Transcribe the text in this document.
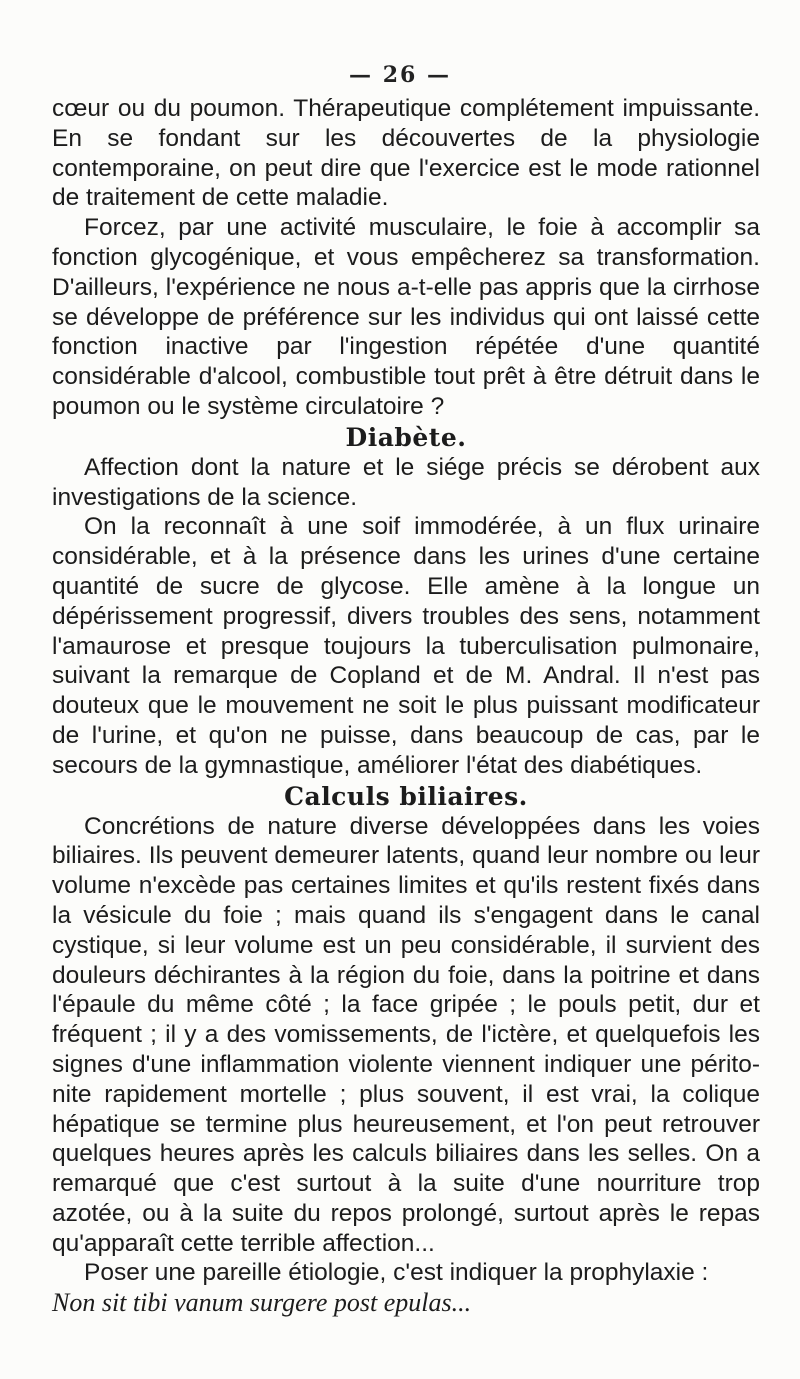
— 26 —

cœur ou du poumon. Thérapeutique complétement impuissante. En se fondant sur les découvertes de la physiologie contemporaine, on peut dire que l'exercice est le mode rationnel de traitement de cette maladie.

Forcez, par une activité musculaire, le foie à accomplir sa fonction glycogénique, et vous empêcherez sa transformation. D'ailleurs, l'expérience ne nous a-t-elle pas appris que la cirrhose se développe de préférence sur les individus qui ont laissé cette fonction inactive par l'ingestion répétée d'une quantité considérable d'alcool, combustible tout prêt à être détruit dans le poumon ou le système circulatoire ?

Diabète.

Affection dont la nature et le siége précis se dérobent aux investigations de la science.

On la reconnaît à une soif immodérée, à un flux urinaire considérable, et à la présence dans les urines d'une certaine quantité de sucre de glycose. Elle amène à la longue un dépérissement progressif, divers troubles des sens, notamment l'amaurose et presque toujours la tuberculisation pulmonaire, suivant la remarque de Copland et de M. Andral. Il n'est pas douteux que le mouvement ne soit le plus puissant modificateur de l'urine, et qu'on ne puisse, dans beaucoup de cas, par le secours de la gymnastique, améliorer l'état des diabétiques.

Calculs biliaires.

Concrétions de nature diverse développées dans les voies biliaires. Ils peuvent demeurer latents, quand leur nombre ou leur volume n'excède pas certaines limites et qu'ils restent fixés dans la vésicule du foie ; mais quand ils s'engagent dans le canal cystique, si leur volume est un peu considérable, il survient des douleurs déchirantes à la région du foie, dans la poitrine et dans l'épaule du même côté ; la face gripée ; le pouls petit, dur et fréquent ; il y a des vomissements, de l'ictère, et quelquefois les signes d'une inflammation violente viennent indiquer une péritonite rapidement mortelle ; plus souvent, il est vrai, la colique hépatique se termine plus heureusement, et l'on peut retrouver quelques heures après les calculs biliaires dans les selles. On a remarqué que c'est surtout à la suite d'une nourriture trop azotée, ou à la suite du repos prolongé, surtout après le repas qu'apparaît cette terrible affection...

Poser une pareille étiologie, c'est indiquer la prophylaxie :

Non sit tibi vanum surgere post epulas...
